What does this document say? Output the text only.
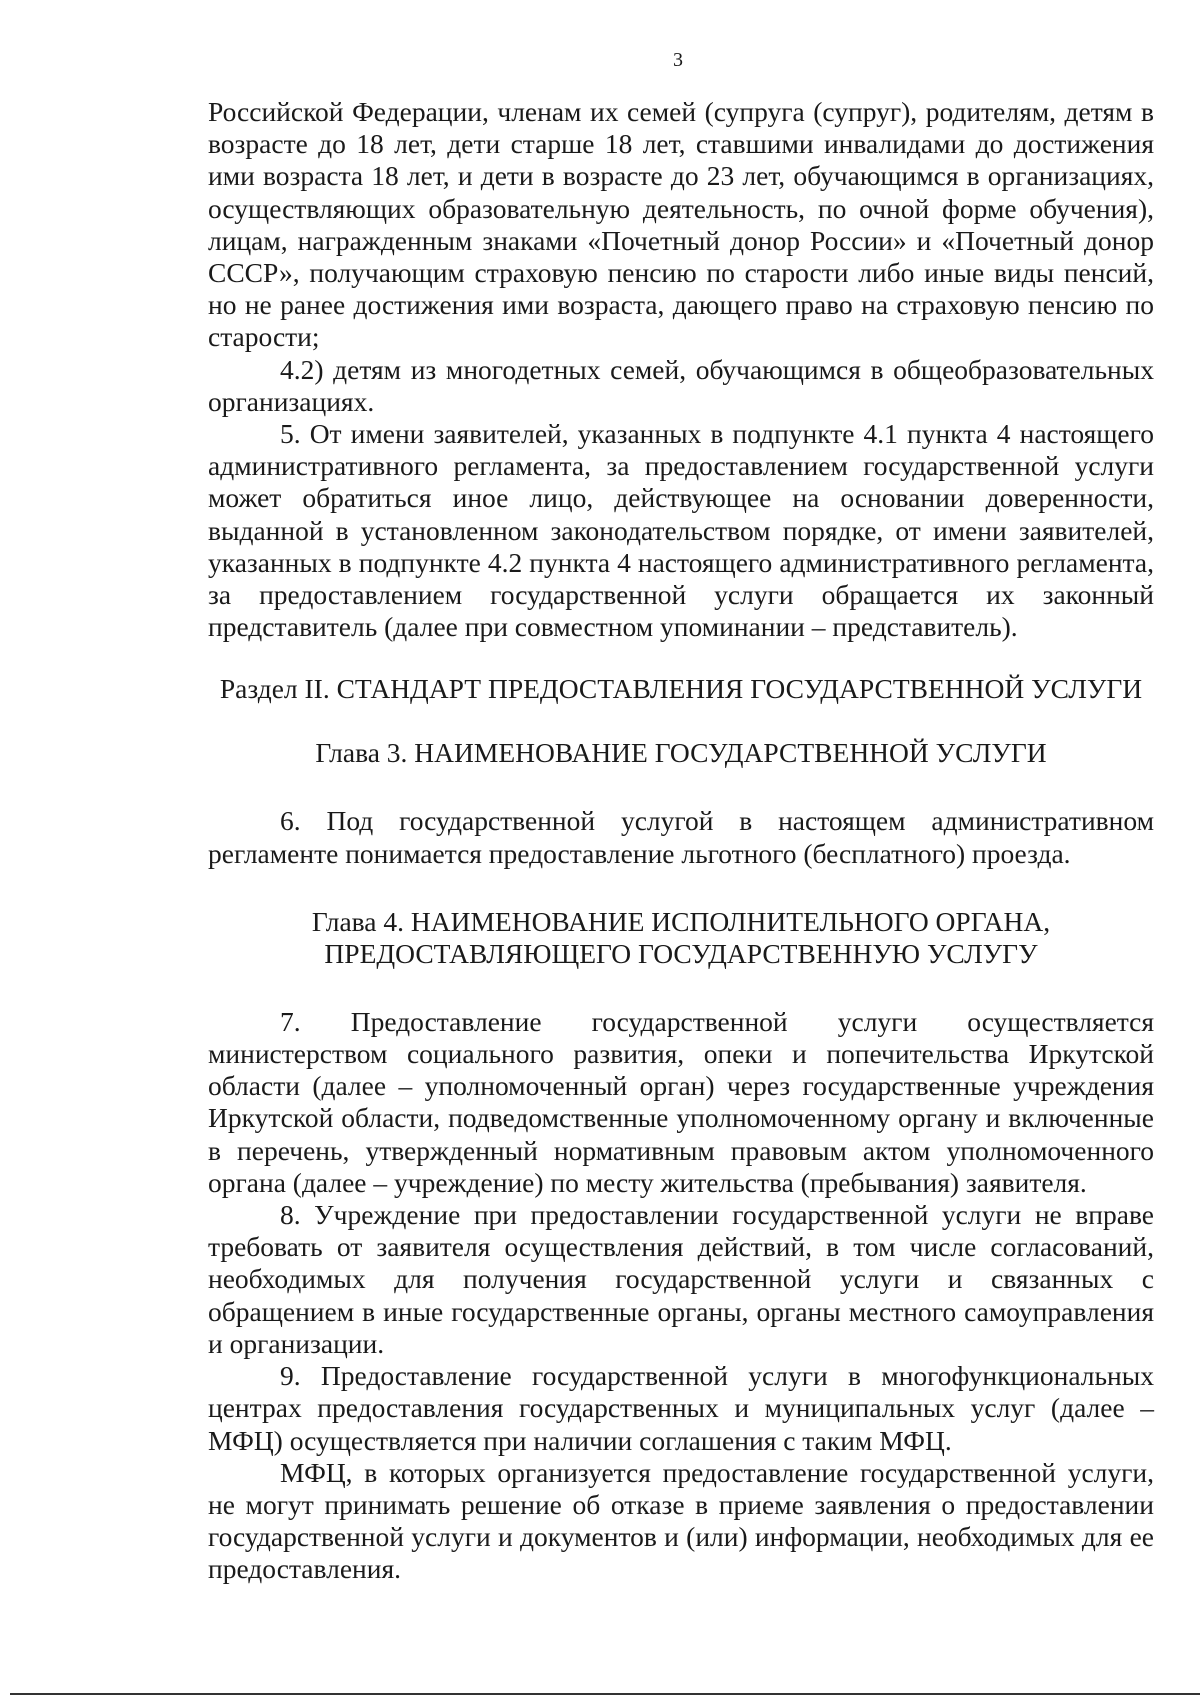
3

Российской Федерации, членам их семей (супруга (супруг), родителям, детям в возрасте до 18 лет, дети старше 18 лет, ставшими инвалидами до достижения ими возраста 18 лет, и дети в возрасте до 23 лет, обучающимся в организациях, осуществляющих образовательную деятельность, по очной форме обучения), лицам, награжденным знаками «Почетный донор России» и «Почетный донор СССР», получающим страховую пенсию по старости либо иные виды пенсий, но не ранее достижения ими возраста, дающего право на страховую пенсию по старости;

4.2) детям из многодетных семей, обучающимся в общеобразовательных организациях.

5. От имени заявителей, указанных в подпункте 4.1 пункта 4 настоящего административного регламента, за предоставлением государственной услуги может обратиться иное лицо, действующее на основании доверенности, выданной в установленном законодательством порядке, от имени заявителей, указанных в подпункте 4.2 пункта 4 настоящего административного регламента, за предоставлением государственной услуги обращается их законный представитель (далее при совместном упоминании – представитель).

Раздел II. СТАНДАРТ ПРЕДОСТАВЛЕНИЯ ГОСУДАРСТВЕННОЙ УСЛУГИ

Глава 3. НАИМЕНОВАНИЕ ГОСУДАРСТВЕННОЙ УСЛУГИ

6. Под государственной услугой в настоящем административном регламенте понимается предоставление льготного (бесплатного) проезда.

Глава 4. НАИМЕНОВАНИЕ ИСПОЛНИТЕЛЬНОГО ОРГАНА,

ПРЕДОСТАВЛЯЮЩЕГО ГОСУДАРСТВЕННУЮ УСЛУГУ

7. Предоставление государственной услуги осуществляется министерством социального развития, опеки и попечительства Иркутской области (далее – уполномоченный орган) через государственные учреждения Иркутской области, подведомственные уполномоченному органу и включенные в перечень, утвержденный нормативным правовым актом уполномоченного органа (далее – учреждение) по месту жительства (пребывания) заявителя.

8. Учреждение при предоставлении государственной услуги не вправе требовать от заявителя осуществления действий, в том числе согласований, необходимых для получения государственной услуги и связанных с обращением в иные государственные органы, органы местного самоуправления и организации.

9. Предоставление государственной услуги в многофункциональных центрах предоставления государственных и муниципальных услуг (далее – МФЦ) осуществляется при наличии соглашения с таким МФЦ.

МФЦ, в которых организуется предоставление государственной услуги, не могут принимать решение об отказе в приеме заявления о предоставлении государственной услуги и документов и (или) информации, необходимых для ее предоставления.
